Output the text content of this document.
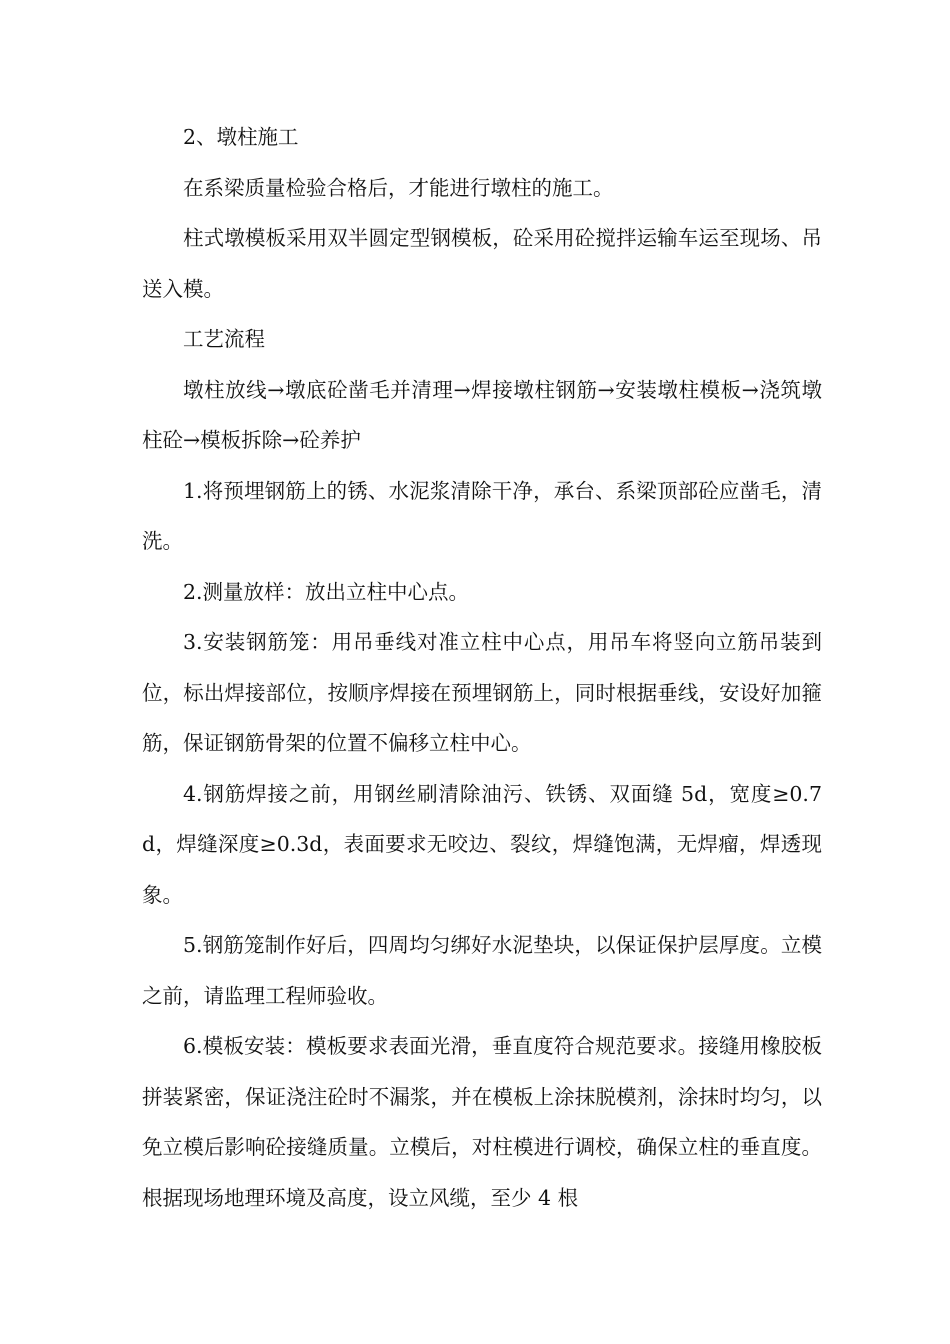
2、墩柱施工

在系梁质量检验合格后，才能进行墩柱的施工。

柱式墩模板采用双半圆定型钢模板，砼采用砼搅拌运输车运至现场、吊送入模。

工艺流程

墩柱放线→墩底砼凿毛并清理→焊接墩柱钢筋→安装墩柱模板→浇筑墩柱砼→模板拆除→砼养护

1.将预埋钢筋上的锈、水泥浆清除干净，承台、系梁顶部砼应凿毛，清洗。

2.测量放样：放出立柱中心点。

3.安装钢筋笼：用吊垂线对准立柱中心点，用吊车将竖向立筋吊装到位，标出焊接部位，按顺序焊接在预埋钢筋上，同时根据垂线，安设好加箍筋，保证钢筋骨架的位置不偏移立柱中心。

4.钢筋焊接之前，用钢丝刷清除油污、铁锈、双面缝 5d，宽度≥0.7d，焊缝深度≥0.3d，表面要求无咬边、裂纹，焊缝饱满，无焊瘤，焊透现象。

5.钢筋笼制作好后，四周均匀绑好水泥垫块，以保证保护层厚度。立模之前，请监理工程师验收。

6.模板安装：模板要求表面光滑，垂直度符合规范要求。接缝用橡胶板拼装紧密，保证浇注砼时不漏浆，并在模板上涂抹脱模剂，涂抹时均匀，以免立模后影响砼接缝质量。立模后，对柱模进行调校，确保立柱的垂直度。根据现场地理环境及高度，设立风缆，至少 4 根
